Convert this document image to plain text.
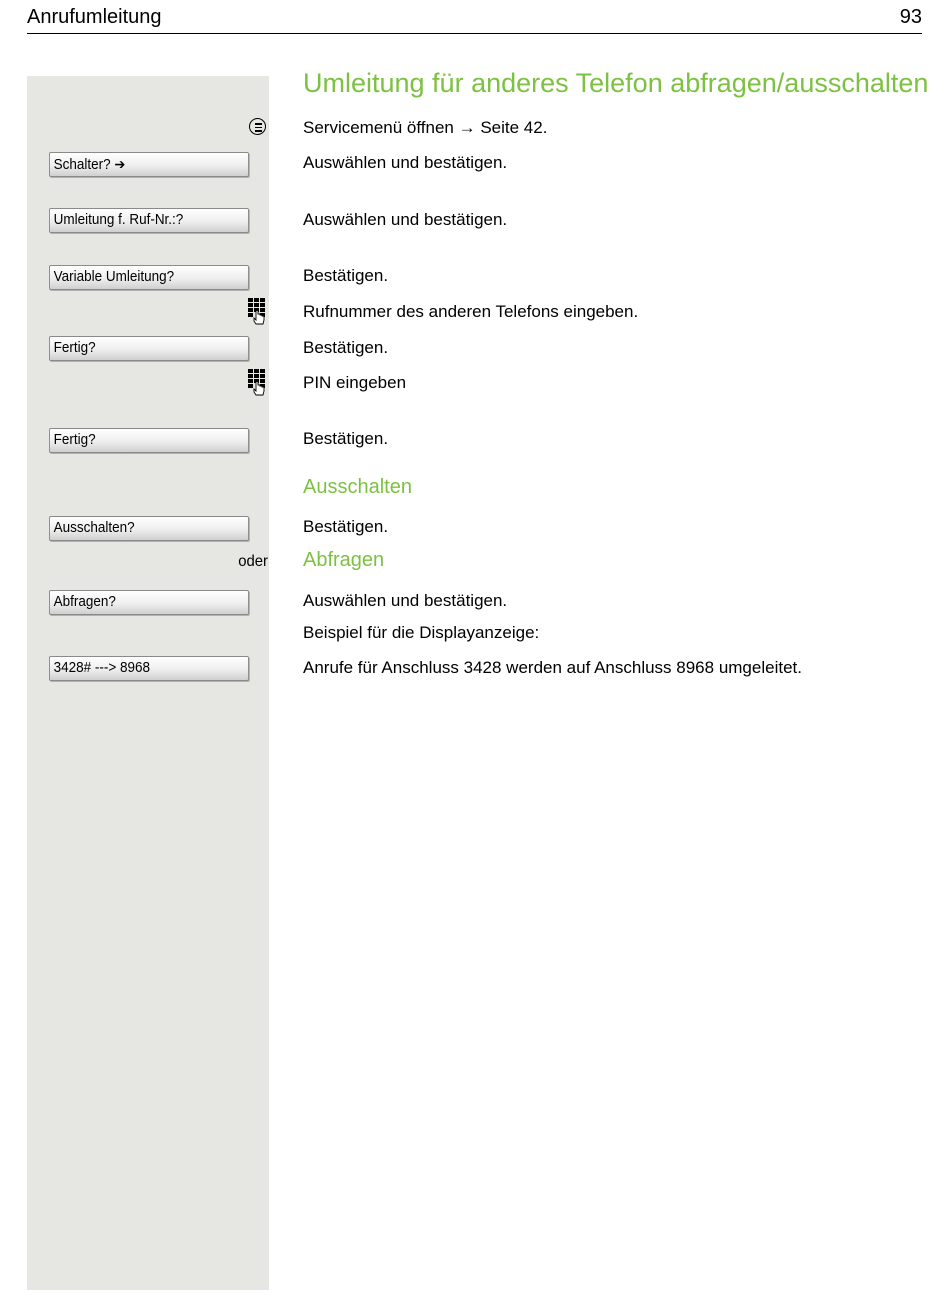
Anrufumleitung	93
Schalter? ➔
Umleitung f. Ruf-Nr.:?
Variable Umleitung?
Fertig?
Fertig?
Ausschalten?
Abfragen?
3428# ---> 8968
oder
Umleitung für anderes Telefon abfragen/ausschalten
Servicemenü öffnen → Seite 42.
Auswählen und bestätigen.
Auswählen und bestätigen.
Bestätigen.
Rufnummer des anderen Telefons eingeben.
Bestätigen.
PIN eingeben
Bestätigen.
Ausschalten
Bestätigen.
Abfragen
Auswählen und bestätigen.
Beispiel für die Displayanzeige:
Anrufe für Anschluss 3428 werden auf Anschluss 8968 umgeleitet.
